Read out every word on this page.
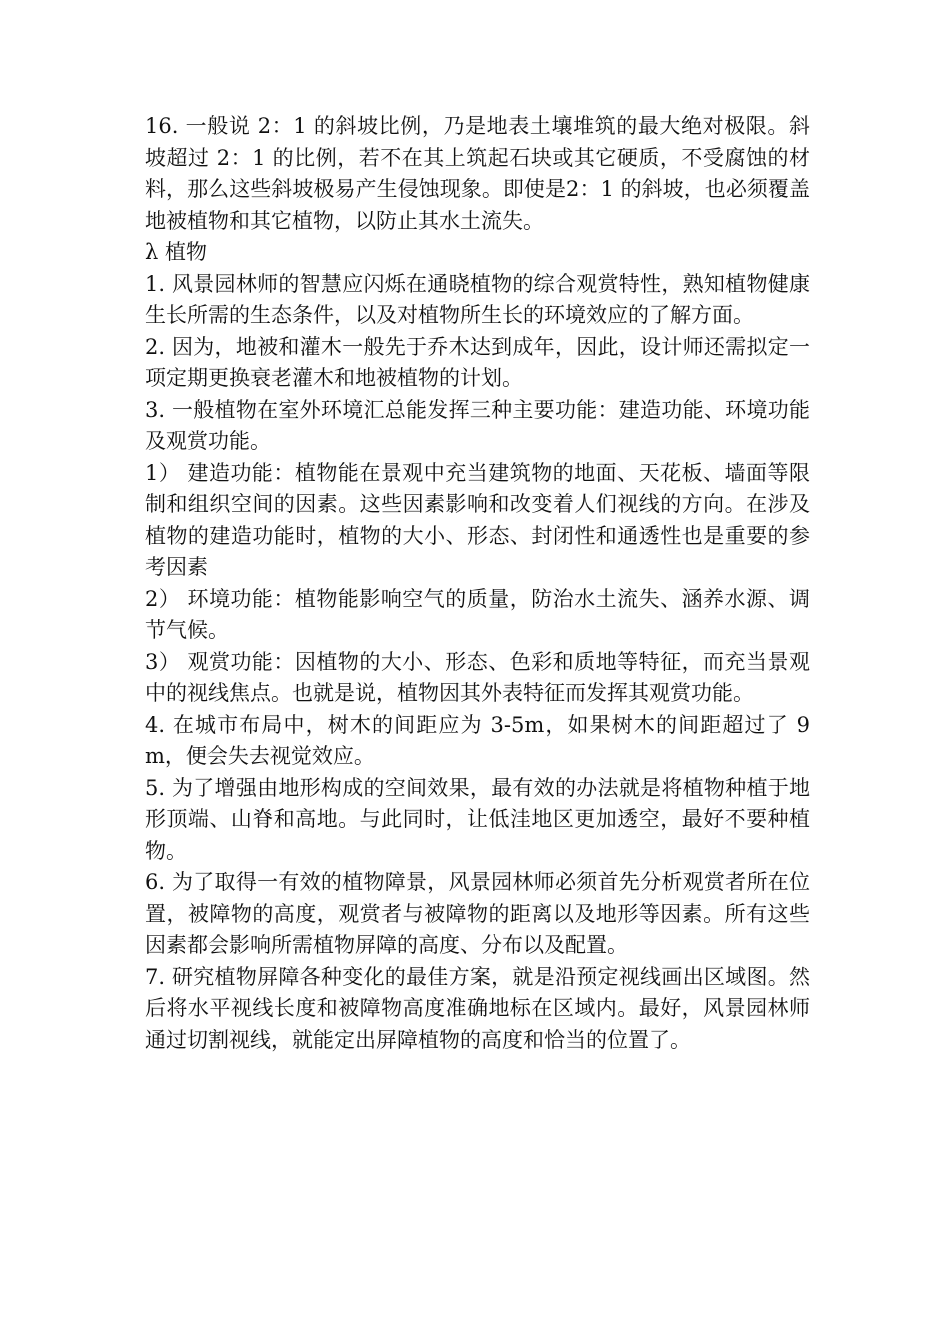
16. 一般说 2：1 的斜坡比例，乃是地表土壤堆筑的最大绝对极限。斜坡超过 2：1 的比例，若不在其上筑起石块或其它硬质，不受腐蚀的材料，那么这些斜坡极易产生侵蚀现象。即使是2：1 的斜坡，也必须覆盖地被植物和其它植物，以防止其水土流失。

λ 植物

1. 风景园林师的智慧应闪烁在通晓植物的综合观赏特性，熟知植物健康生长所需的生态条件，以及对植物所生长的环境效应的了解方面。

2. 因为，地被和灌木一般先于乔木达到成年，因此，设计师还需拟定一项定期更换衰老灌木和地被植物的计划。

3. 一般植物在室外环境汇总能发挥三种主要功能：建造功能、环境功能及观赏功能。

1） 建造功能：植物能在景观中充当建筑物的地面、天花板、墙面等限制和组织空间的因素。这些因素影响和改变着人们视线的方向。在涉及植物的建造功能时，植物的大小、形态、封闭性和通透性也是重要的参考因素

2） 环境功能：植物能影响空气的质量，防治水土流失、涵养水源、调节气候。

3） 观赏功能：因植物的大小、形态、色彩和质地等特征，而充当景观中的视线焦点。也就是说，植物因其外表特征而发挥其观赏功能。

4. 在城市布局中，树木的间距应为 3-5m，如果树木的间距超过了 9m，便会失去视觉效应。

5. 为了增强由地形构成的空间效果，最有效的办法就是将植物种植于地形顶端、山脊和高地。与此同时，让低洼地区更加透空，最好不要种植物。

6. 为了取得一有效的植物障景，风景园林师必须首先分析观赏者所在位置，被障物的高度，观赏者与被障物的距离以及地形等因素。所有这些因素都会影响所需植物屏障的高度、分布以及配置。

7. 研究植物屏障各种变化的最佳方案，就是沿预定视线画出区域图。然后将水平视线长度和被障物高度准确地标在区域内。最好，风景园林师通过切割视线，就能定出屏障植物的高度和恰当的位置了。
